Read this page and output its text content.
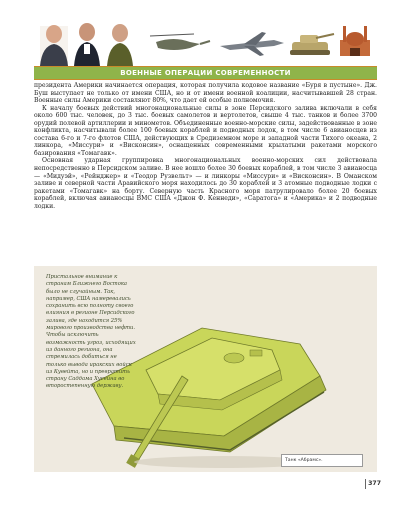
ВОЕННЫЕ ОПЕРАЦИИ СОВРЕМЕННОСТИ

президента Америки начинается операция, которая получила кодовое название «Буря в пустыне». Дж. Буш выступает не только от имени США, но и от имени военной коалиции, насчитывавшей 28 стран. Военные силы Америки составляют 80%, что дает ей особые полномочия.

К началу боевых действий многонациональные силы в зоне Персидского залива включали в себя около 600 тыс. человек, до 3 тыс. боевых самолетов и вертолетов, свыше 4 тыс. танков и более 3700 орудий полевой артиллерии и минометов. Объединенные военно-морские силы, задействованные в зоне конфликта, насчитывали более 100 боевых кораблей и подводных лодок, в том числе 6 авианосцев из состава 6-го и 7-го флотов США, действующих в Средиземном море и западной части Тихого океана, 2 линкора, «Миссури» и «Висконсин», оснащенных современными крылатыми ракетами морского базирования «Томагавк».

Основная ударная группировка многонациональных военно-морских сил действовала непосредственно в Персидском заливе. В нее вошло более 30 боевых кораблей, в том числе 3 авианосца — «Мидуэй», «Рейнджер» и «Теодор Рузвельт» — и линкоры «Миссури» и «Висконсин». В Оманском заливе и северной части Аравийского моря находилось до 30 кораблей и 3 атомные подводные лодки с ракетами «Томагавк» на борту. Северную часть Красного моря патрулировало более 20 боевых кораблей, включая авианосцы ВМС США «Джон Ф. Кеннеди», «Саратога» и «Америка» и 2 подводные лодки.

Пристальное внимание к странам Ближнего Востока было не случайным. Так, например, США намеревались сохранить всю полноту своего влияния в регионе Персидского залива, где находится 25% мирового производства нефти. Чтобы исключить возможность угроз, исходящих из данного региона, она стремилась добиться не только вывода иракских войск из Кувейта, но и превратить страну Саддама Хусейна во второстепенную державу.
Танк «Абрамс».
377
